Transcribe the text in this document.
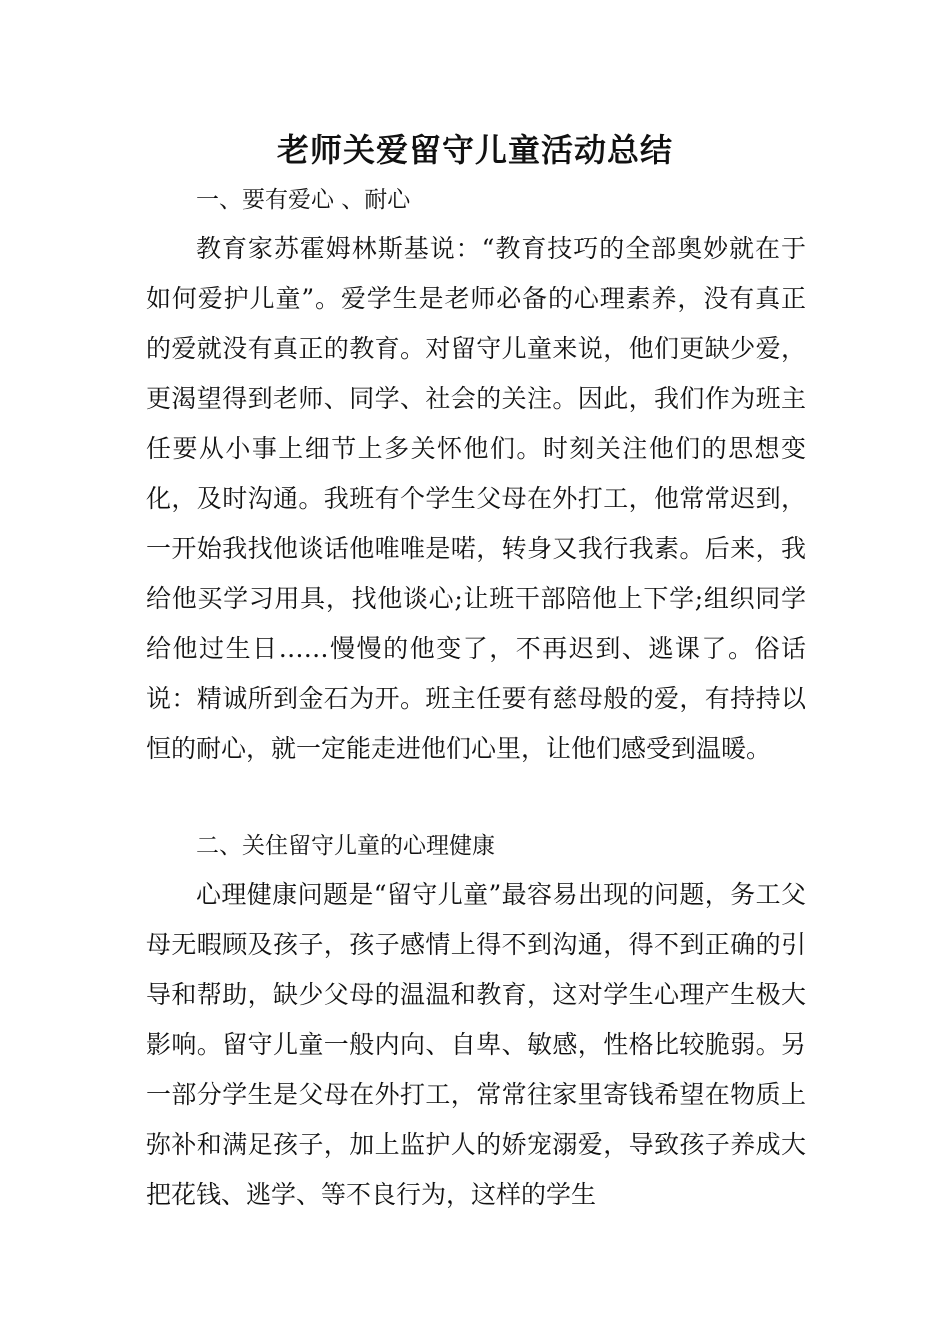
老师关爱留守儿童活动总结
一、要有爱心 、耐心

教育家苏霍姆林斯基说：“教育技巧的全部奥妙就在于如何爱护儿童”。爱学生是老师必备的心理素养，没有真正的爱就没有真正的教育。对留守儿童来说，他们更缺少爱，更渴望得到老师、同学、社会的关注。因此，我们作为班主任要从小事上细节上多关怀他们。时刻关注他们的思想变化，及时沟通。我班有个学生父母在外打工，他常常迟到，一开始我找他谈话他唯唯是喏，转身又我行我素。后来，我给他买学习用具，找他谈心;让班干部陪他上下学;组织同学给他过生日……慢慢的他变了，不再迟到、逃课了。俗话说：精诚所到金石为开。班主任要有慈母般的爱，有持持以恒的耐心，就一定能走进他们心里，让他们感受到温暖。

二、关住留守儿童的心理健康

心理健康问题是“留守儿童”最容易出现的问题，务工父母无暇顾及孩子，孩子感情上得不到沟通，得不到正确的引导和帮助，缺少父母的温温和教育，这对学生心理产生极大影响。留守儿童一般内向、自卑、敏感，性格比较脆弱。另一部分学生是父母在外打工，常常往家里寄钱希望在物质上弥补和满足孩子，加上监护人的娇宠溺爱，导致孩子养成大把花钱、逃学、等不良行为，这样的学生
